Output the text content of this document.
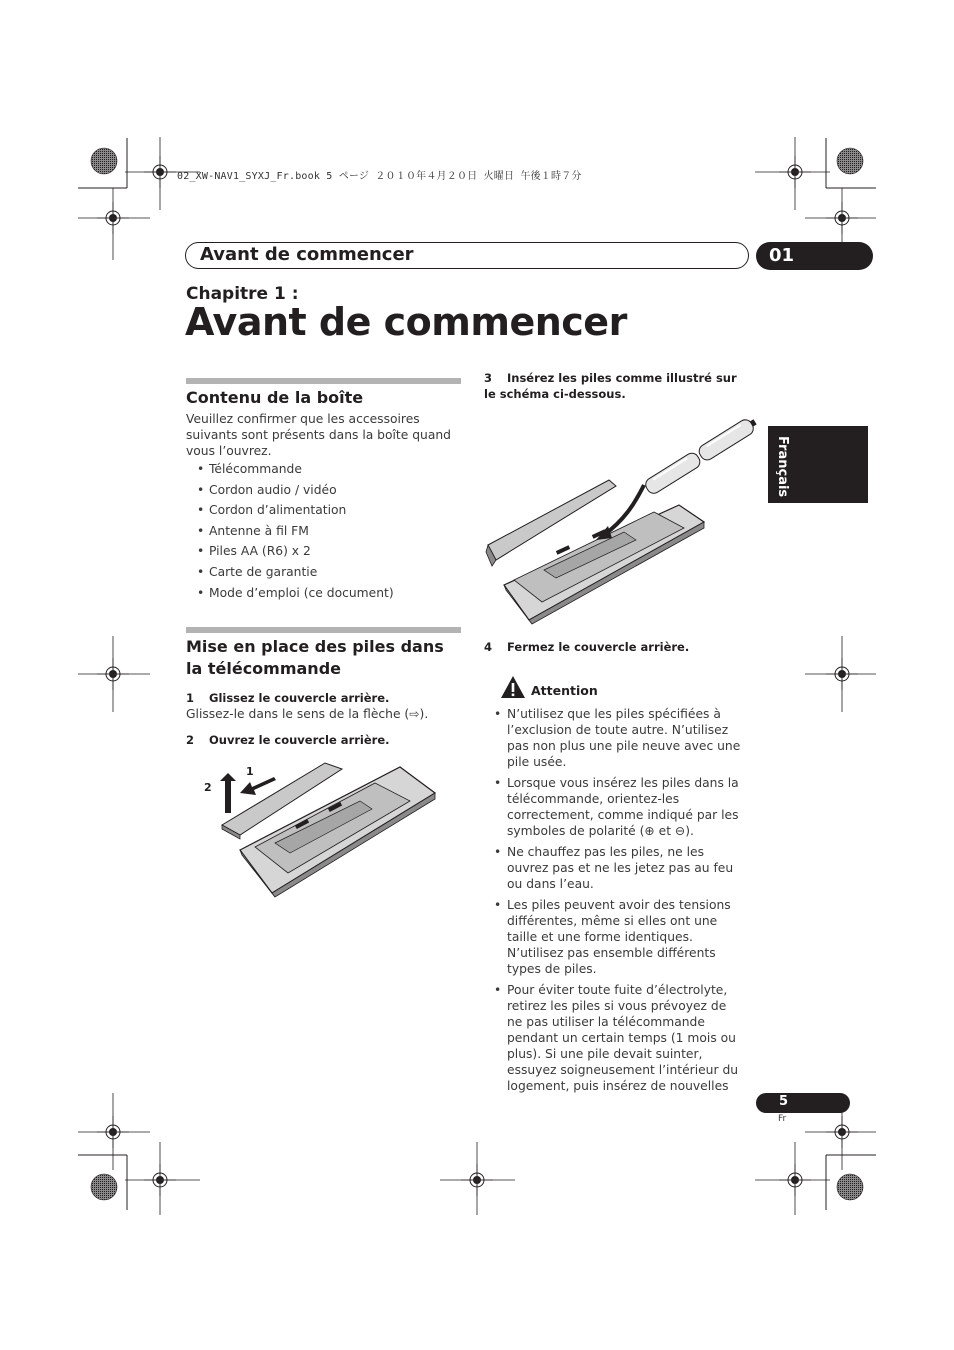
02_XW-NAV1_SYXJ_Fr.book 5 ページ ２０１０年４月２０日 火曜日 午後１時７分
Avant de commencer	01
Chapitre 1 :
Avant de commencer
Français
Contenu de la boîte
Veuillez confirmer que les accessoires suivants sont présents dans la boîte quand vous l’ouvrez.
• Télécommande
• Cordon audio / vidéo
• Cordon d’alimentation
• Antenne à fil FM
• Piles AA (R6) x 2
• Carte de garantie
• Mode d’emploi (ce document)
Mise en place des piles dans la télécommande
1 Glissez le couvercle arrière.
Glissez-le dans le sens de la flèche (⇨).
2 Ouvrez le couvercle arrière.
1
2
3 Insérez les piles comme illustré sur le schéma ci-dessous.
4 Fermez le couvercle arrière.
Attention
• N’utilisez que les piles spécifiées à l’exclusion de toute autre. N’utilisez pas non plus une pile neuve avec une pile usée.
• Lorsque vous insérez les piles dans la télécommande, orientez-les correctement, comme indiqué par les symboles de polarité (⊕ et ⊖).
• Ne chauffez pas les piles, ne les ouvrez pas et ne les jetez pas au feu ou dans l’eau.
• Les piles peuvent avoir des tensions différentes, même si elles ont une taille et une forme identiques. N’utilisez pas ensemble différents types de piles.
• Pour éviter toute fuite d’électrolyte, retirez les piles si vous prévoyez de ne pas utiliser la télécommande pendant un certain temps (1 mois ou plus). Si une pile devait suinter, essuyez soigneusement l’intérieur du logement, puis insérez de nouvelles
5
Fr
